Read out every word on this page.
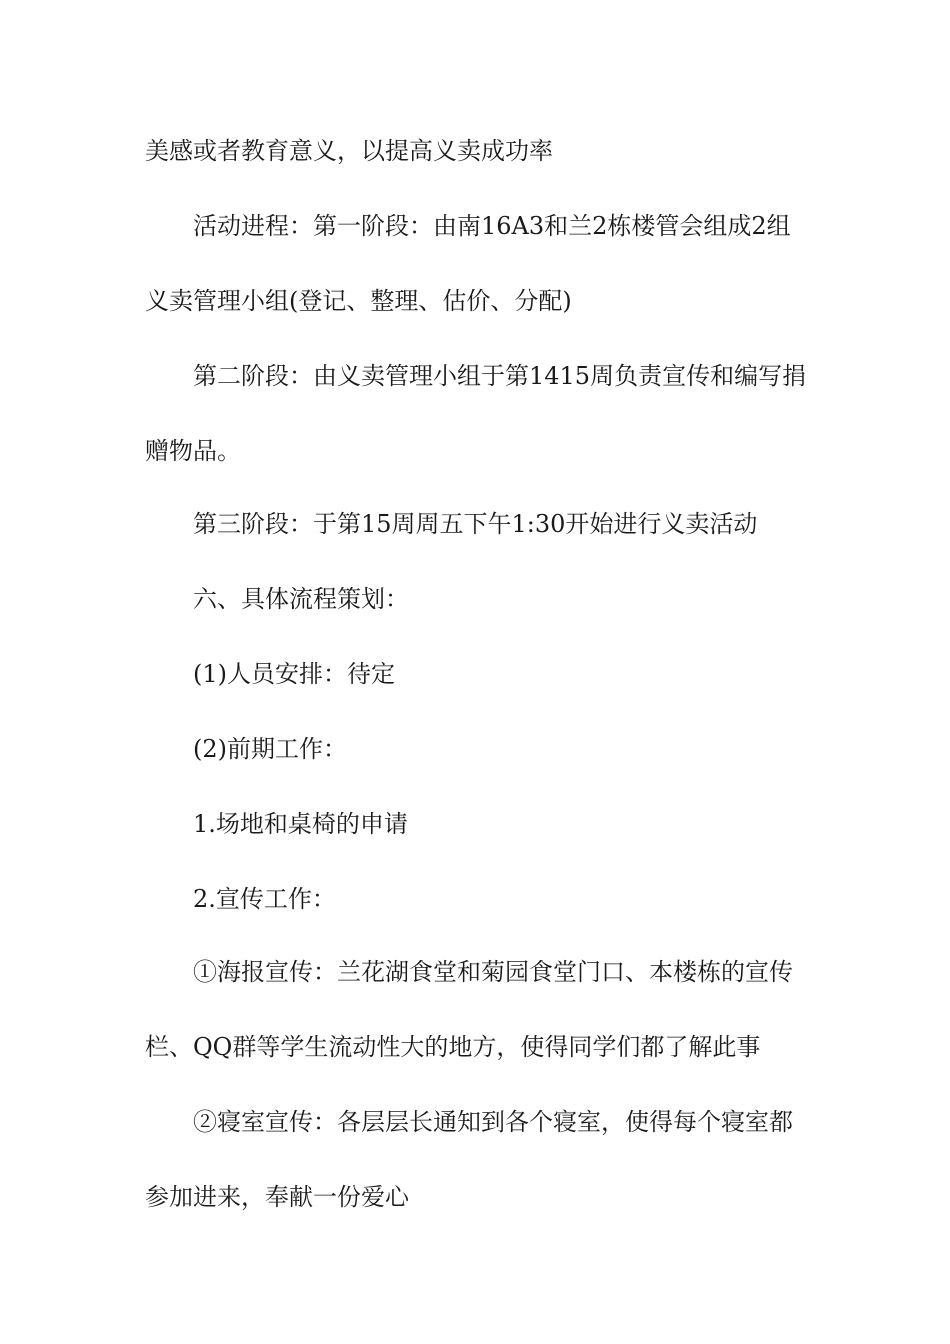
美感或者教育意义，以提高义卖成功率
活动进程：第一阶段：由南16A3和兰2栋楼管会组成2组
义卖管理小组(登记、整理、估价、分配)
第二阶段：由义卖管理小组于第1415周负责宣传和编写捐
赠物品。
第三阶段：于第15周周五下午1:30开始进行义卖活动
六、具体流程策划：
(1)人员安排：待定
(2)前期工作：
1.场地和桌椅的申请
2.宣传工作：
①海报宣传：兰花湖食堂和菊园食堂门口、本楼栋的宣传
栏、QQ群等学生流动性大的地方，使得同学们都了解此事
②寝室宣传：各层层长通知到各个寝室，使得每个寝室都
参加进来，奉献一份爱心
